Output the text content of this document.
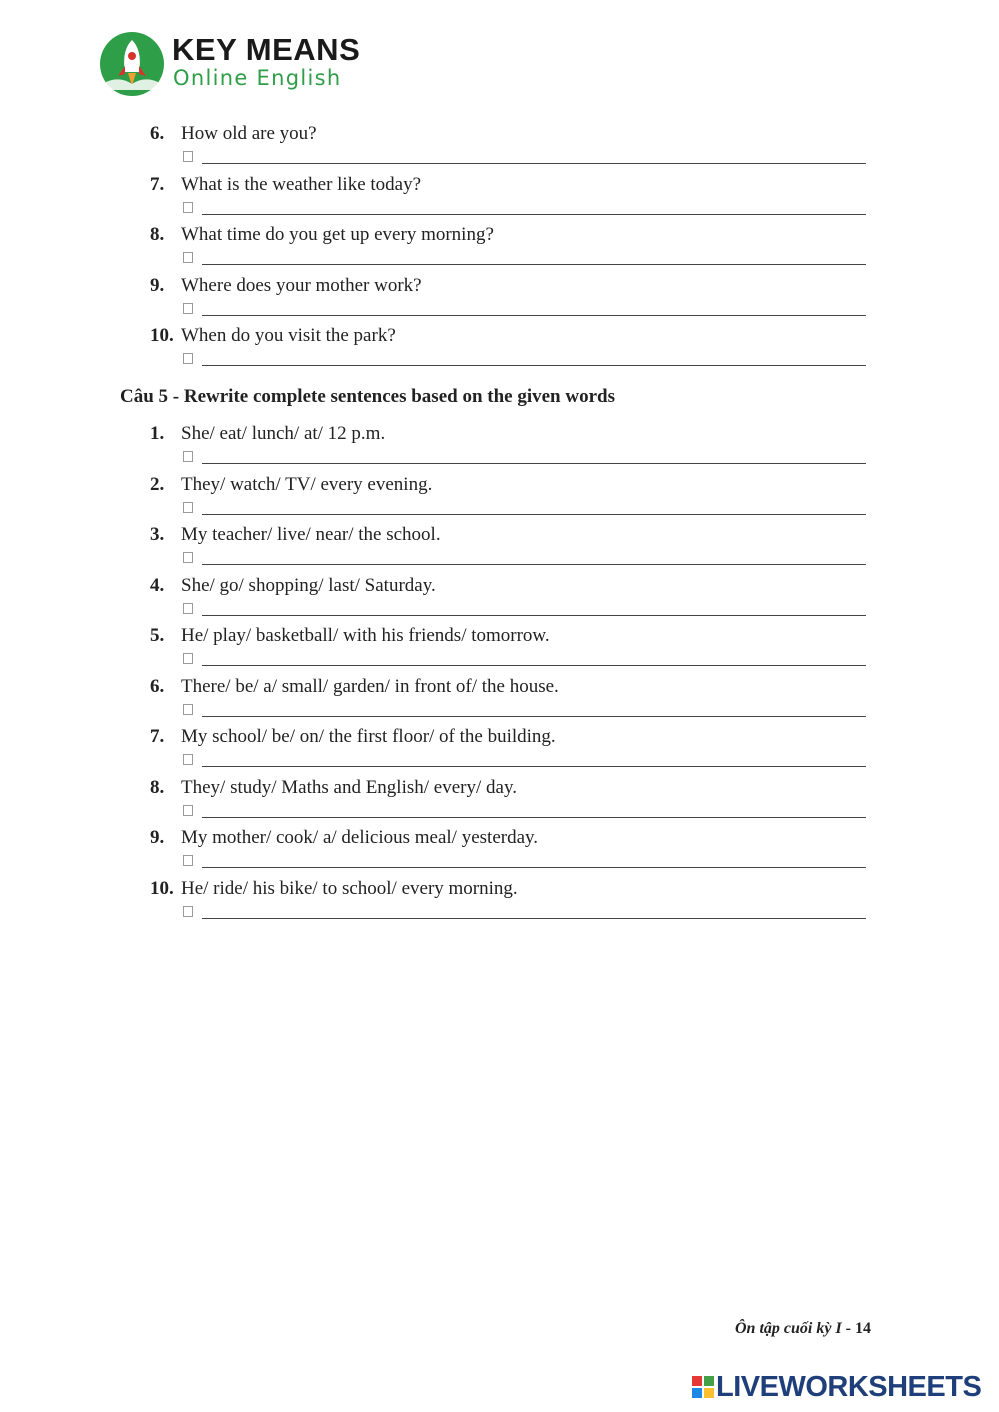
KEY MEANS
Online English
6. How old are you?
7. What is the weather like today?
8. What time do you get up every morning?
9. Where does your mother work?
10. When do you visit the park?
Câu 5 - Rewrite complete sentences based on the given words
1. She/ eat/ lunch/ at/ 12 p.m.
2. They/ watch/ TV/ every evening.
3. My teacher/ live/ near/ the school.
4. She/ go/ shopping/ last/ Saturday.
5. He/ play/ basketball/ with his friends/ tomorrow.
6. There/ be/ a/ small/ garden/ in front of/ the house.
7. My school/ be/ on/ the first floor/ of the building.
8. They/ study/ Maths and English/ every/ day.
9. My mother/ cook/ a/ delicious meal/ yesterday.
10. He/ ride/ his bike/ to school/ every morning.
Ôn tập cuối kỳ I - 14
LIVEWORKSHEETS
